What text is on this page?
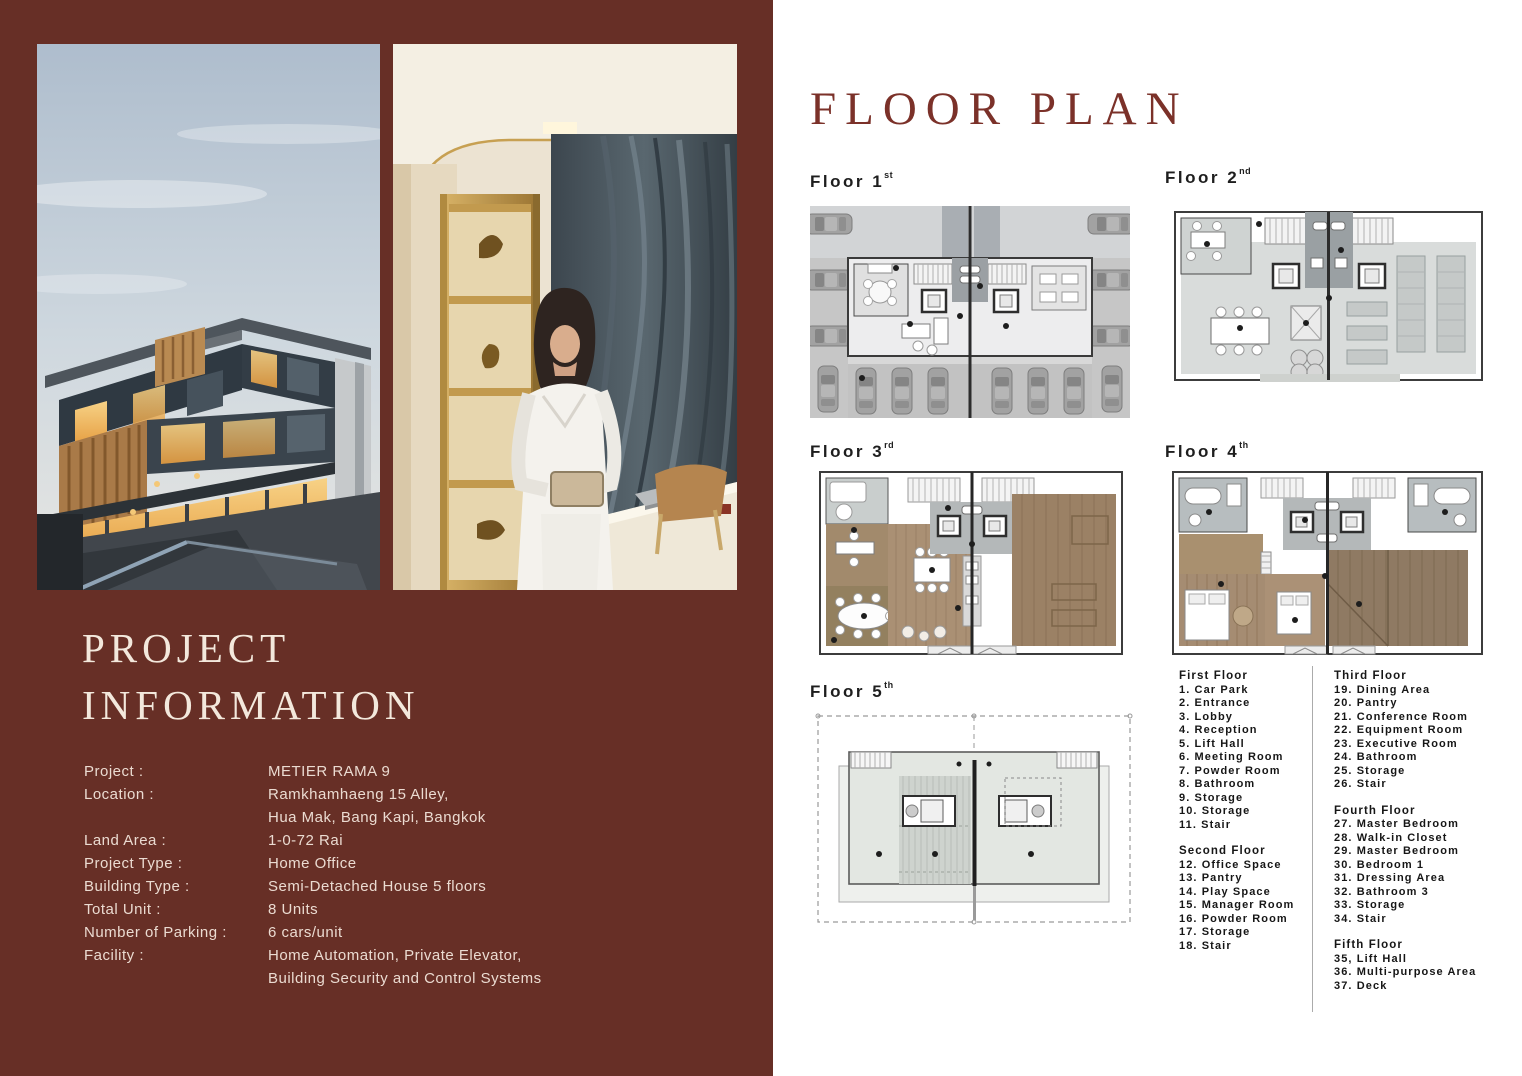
PROJECT
INFORMATION
Project :	METIER RAMA 9
Location :	Ramkhamhaeng 15 Alley,
Hua Mak, Bang Kapi, Bangkok
Land Area :	1-0-72 Rai
Project Type :	Home Office
Building Type :	Semi-Detached House 5 floors
Total Unit :	8 Units
Number of Parking :	6 cars/unit
Facility :	Home Automation, Private Elevator,
Building Security and Control Systems
FLOOR PLAN
Floor 1st	Floor 2nd
Floor 3rd	Floor 4th
Floor 5th
First Floor
1. Car Park
2. Entrance
3. Lobby
4. Reception
5. Lift Hall
6. Meeting Room
7. Powder Room
8. Bathroom
9. Storage
10. Storage
11. Stair
Second Floor
12. Office Space
13. Pantry
14. Play Space
15. Manager Room
16. Powder Room
17. Storage
18. Stair
Third Floor
19. Dining Area
20. Pantry
21. Conference Room
22. Equipment Room
23. Executive Room
24. Bathroom
25. Storage
26. Stair
Fourth Floor
27. Master Bedroom
28. Walk-in Closet
29. Master Bedroom
30. Bedroom 1
31. Dressing Area
32. Bathroom 3
33. Storage
34. Stair
Fifth Floor
35, Lift Hall
36. Multi-purpose Area
37. Deck
